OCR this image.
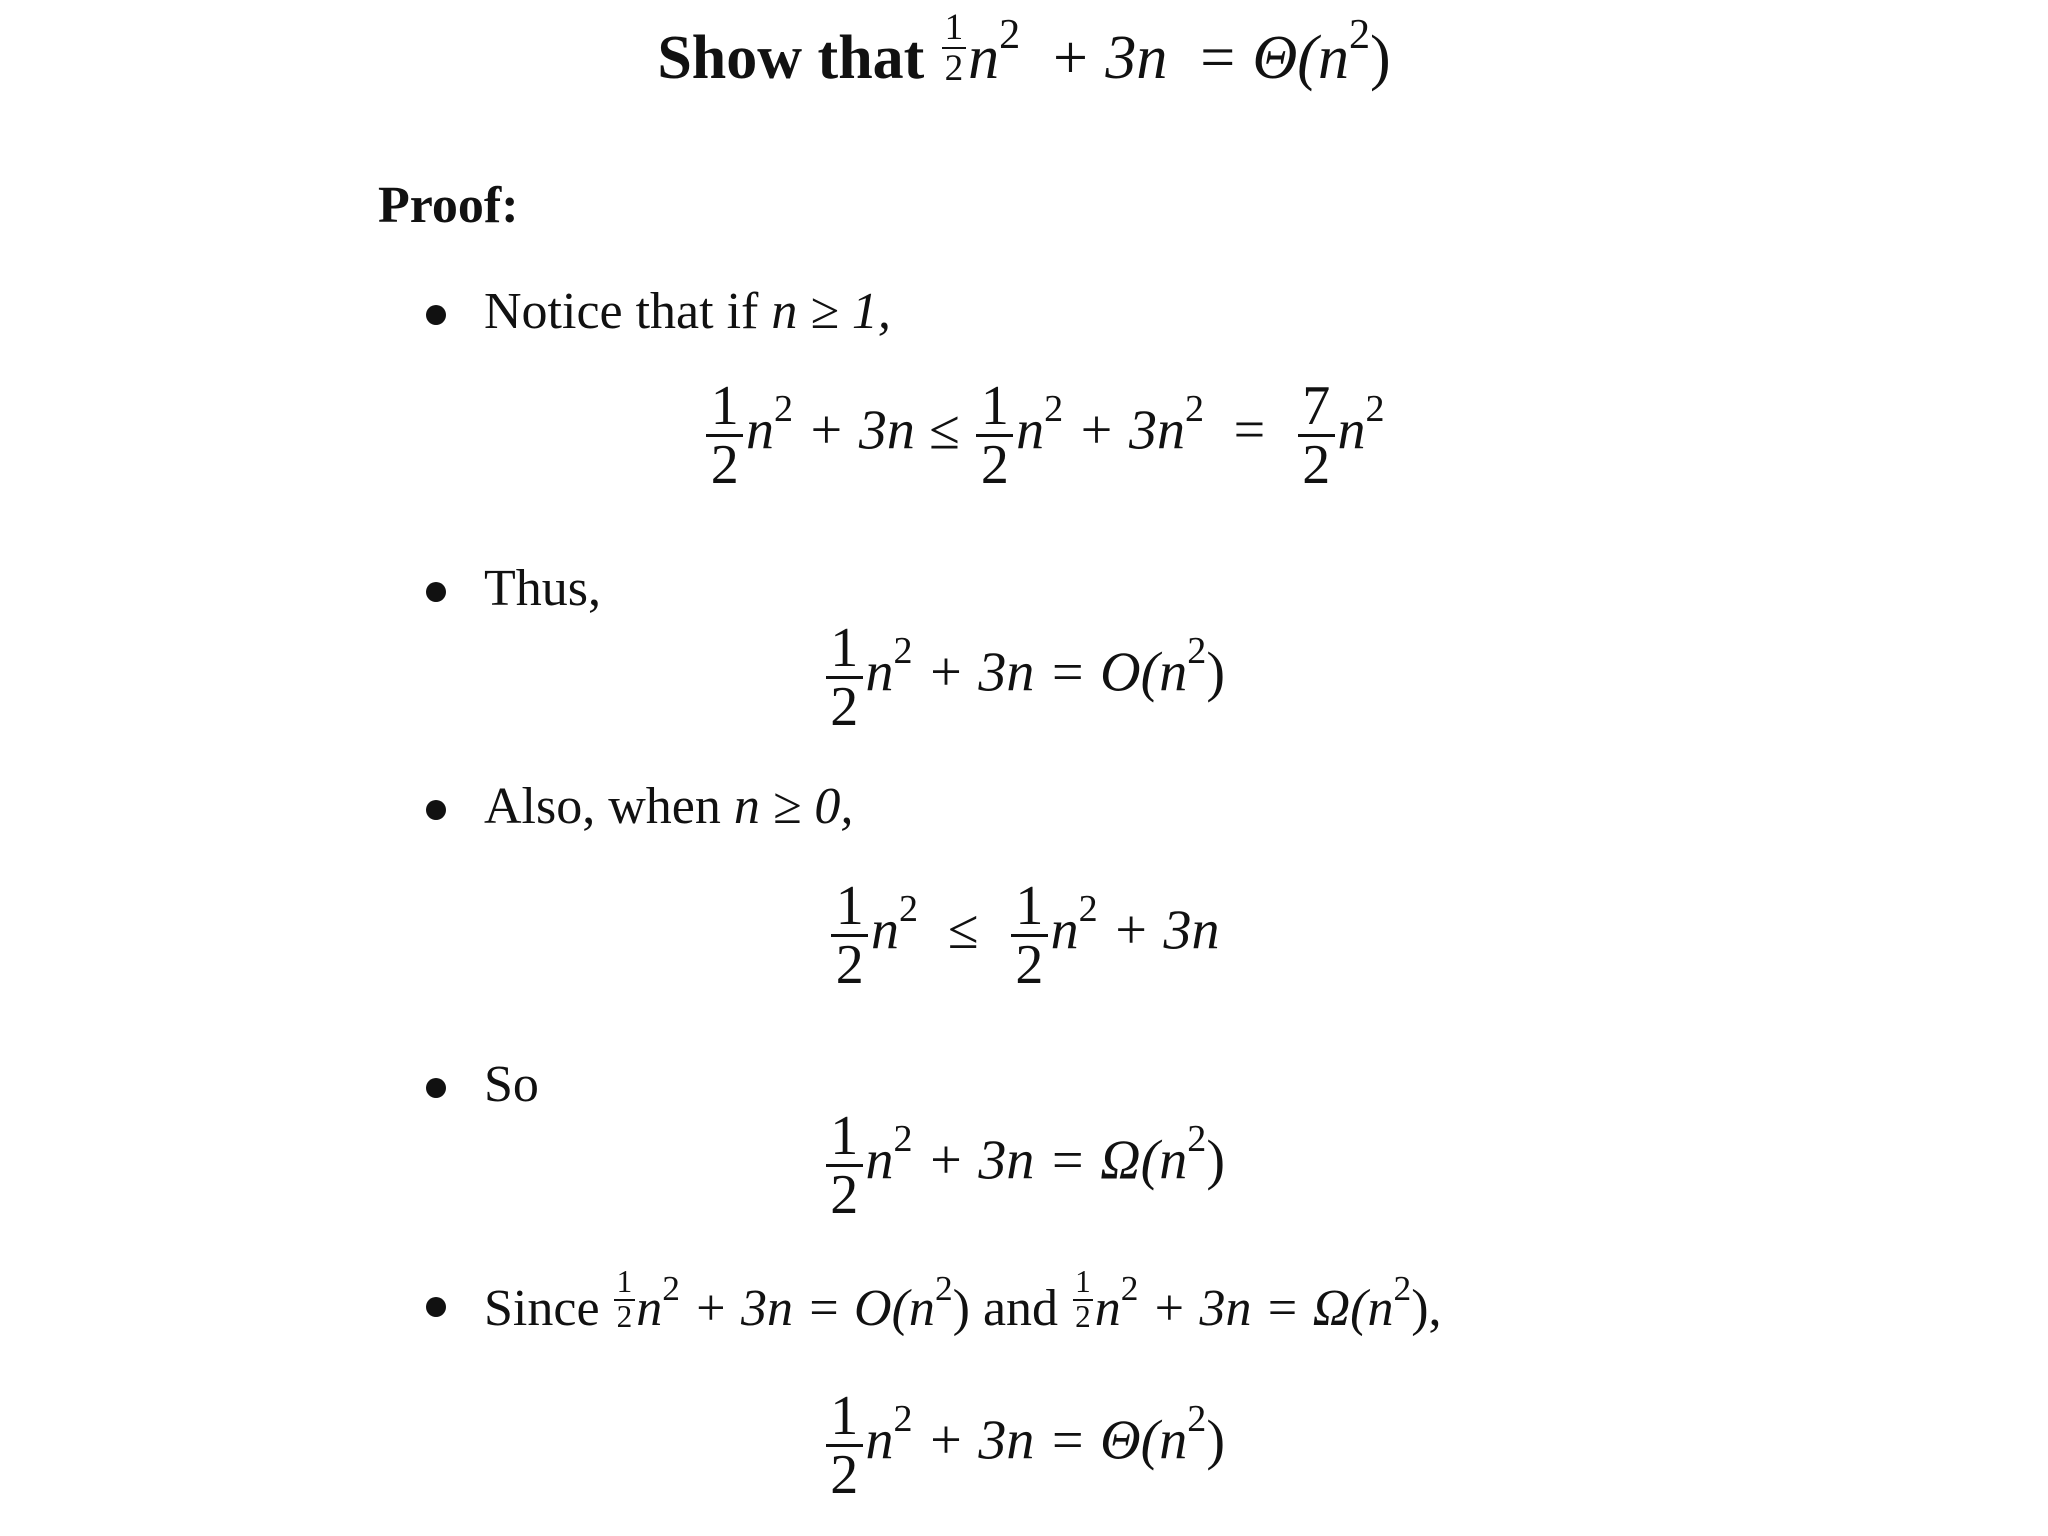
Show that $\frac{1}{2} n^2 + 3n = \Theta(n^2)$
Proof:
Notice that if n ≥ 1,
$\frac{1}{2} n^2 + 3n \le \frac{1}{2} n^2 + 3n^2 = \frac{7}{2} n^2$
Thus,
$\frac{1}{2} n^2 + 3n = O(n^2)$
Also, when n ≥ 0,
$\frac{1}{2} n^2 \le \frac{1}{2} n^2 + 3n$
So
$\frac{1}{2} n^2 + 3n = \Omega(n^2)$
Since $\frac{1}{2} n^2 + 3n = O(n^2)$ and $\frac{1}{2} n^2 + 3n = \Omega(n^2)$,
$\frac{1}{2} n^2 + 3n = \Theta(n^2)$
